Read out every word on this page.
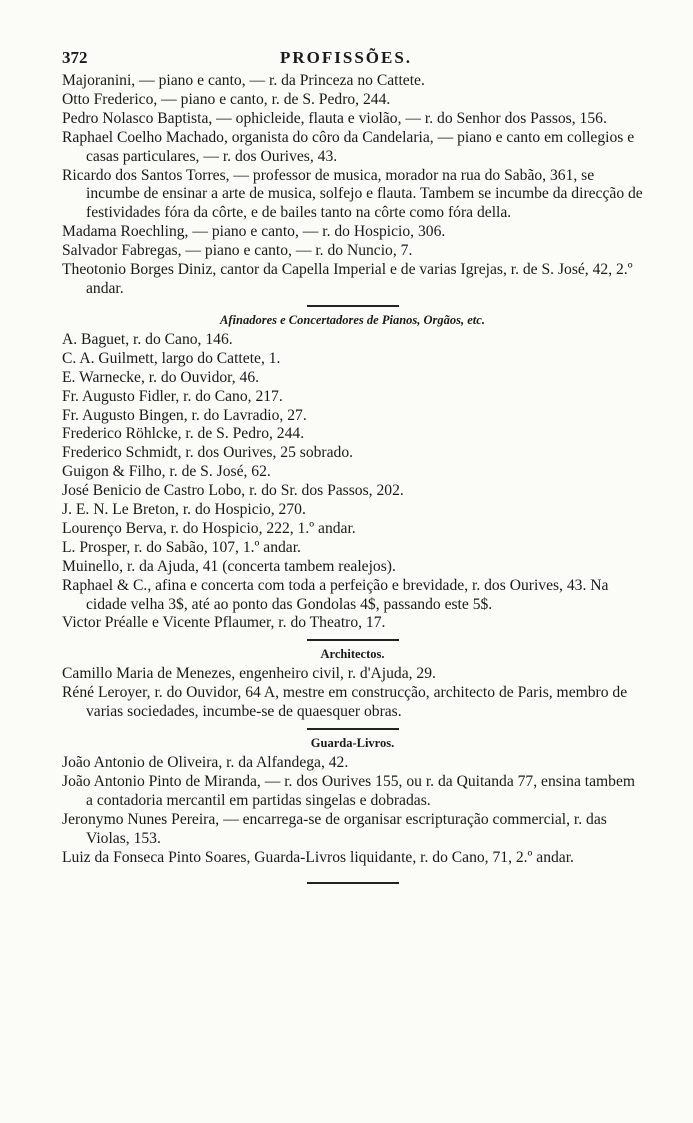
372	PROFISSÕES.

Majoranini, — piano e canto, — r. da Princeza no Cattete.

Otto Frederico, — piano e canto, r. de S. Pedro, 244.

Pedro Nolasco Baptista, — ophicleide, flauta e violão, — r. do Senhor dos Passos, 156.

Raphael Coelho Machado, organista do côro da Candelaria, — piano e canto em collegios e casas particulares, — r. dos Ourives, 43.

Ricardo dos Santos Torres, — professor de musica, morador na rua do Sabão, 361, se incumbe de ensinar a arte de musica, solfejo e flauta. Tambem se incumbe da direcção de festividades fóra da côrte, e de bailes tanto na côrte como fóra della.

Madama Roechling, — piano e canto, — r. do Hospicio, 306.

Salvador Fabregas, — piano e canto, — r. do Nuncio, 7.

Theotonio Borges Diniz, cantor da Capella Imperial e de varias Igrejas, r. de S. José, 42, 2.º andar.

Afinadores e Concertadores de Pianos, Orgãos, etc.

A. Baguet, r. do Cano, 146.

C. A. Guilmett, largo do Cattete, 1.

E. Warnecke, r. do Ouvidor, 46.

Fr. Augusto Fidler, r. do Cano, 217.

Fr. Augusto Bingen, r. do Lavradio, 27.

Frederico Röhlcke, r. de S. Pedro, 244.

Frederico Schmidt, r. dos Ourives, 25 sobrado.

Guigon & Filho, r. de S. José, 62.

José Benicio de Castro Lobo, r. do Sr. dos Passos, 202.

J. E. N. Le Breton, r. do Hospicio, 270.

Lourenço Berva, r. do Hospicio, 222, 1.º andar.

L. Prosper, r. do Sabão, 107, 1.º andar.

Muinello, r. da Ajuda, 41 (concerta tambem realejos).

Raphael & C., afina e concerta com toda a perfeição e brevidade, r. dos Ourives, 43. Na cidade velha 3$, até ao ponto das Gondolas 4$, passando este 5$.

Victor Préalle e Vicente Pflaumer, r. do Theatro, 17.

Architectos.

Camillo Maria de Menezes, engenheiro civil, r. d'Ajuda, 29.

Réné Leroyer, r. do Ouvidor, 64 A, mestre em construcção, architecto de Paris, membro de varias sociedades, incumbe-se de quaesquer obras.

Guarda-Livros.

João Antonio de Oliveira, r. da Alfandega, 42.

João Antonio Pinto de Miranda, — r. dos Ourives 155, ou r. da Quitanda 77, ensina tambem a contadoria mercantil em partidas singelas e dobradas.

Jeronymo Nunes Pereira, — encarrega-se de organisar escripturação commercial, r. das Violas, 153.

Luiz da Fonseca Pinto Soares, Guarda-Livros liquidante, r. do Cano, 71, 2.º andar.
